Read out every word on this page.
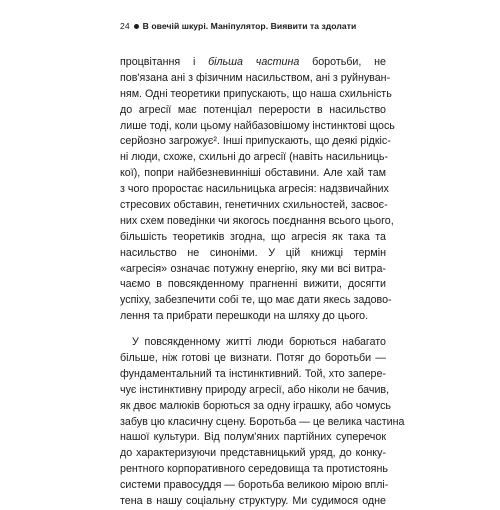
24 В овечій шкурі. Маніпулятор. Виявити та здолати
процвітання і більша частина боротьби, не
пов'язана ані з фізичним насильством, ані з руйнуван-
ням. Одні теоретики припускають, що наша схильність
до агресії має потенціал перерости в насильство
лише тоді, коли цьому найбазовішому інстинктові щось
серйозно загрожує². Інші припускають, що деякі рідкіс-
ні люди, схоже, схильні до агресії (навіть насильниць-
кої), попри найбезневинніші обставини. Але хай там
з чого проростає насильницька агресія: надзвичайних
стресових обставин, генетичних схильностей, засвоє-
них схем поведінки чи якогось поєднання всього цього,
більшість теоретиків згодна, що агресія як така та
насильство не синоніми. У цій книжці термін
«агресія» означає потужну енергію, яку ми всі витра-
чаємо в повсякденному прагненні вижити, досягти
успіху, забезпечити собі те, що має дати якесь задово-
лення та прибрати перешкоди на шляху до цього.
У повсякденному житті люди борються набагато
більше, ніж готові це визнати. Потяг до боротьби —
фундаментальний та інстинктивний. Той, хто запере-
чує інстинктивну природу агресії, або ніколи не бачив,
як двоє малюків борються за одну іграшку, або чомусь
забув цю класичну сцену. Боротьба — це велика частина
нашої культури. Від полум'яних партійних суперечок
до характеризуючи представницький уряд, до конку-
рентного корпоративного середовища та протистоянь
системи правосуддя — боротьба великою мірою вплі-
тена в нашу соціальну структуру. Ми судимося одне
